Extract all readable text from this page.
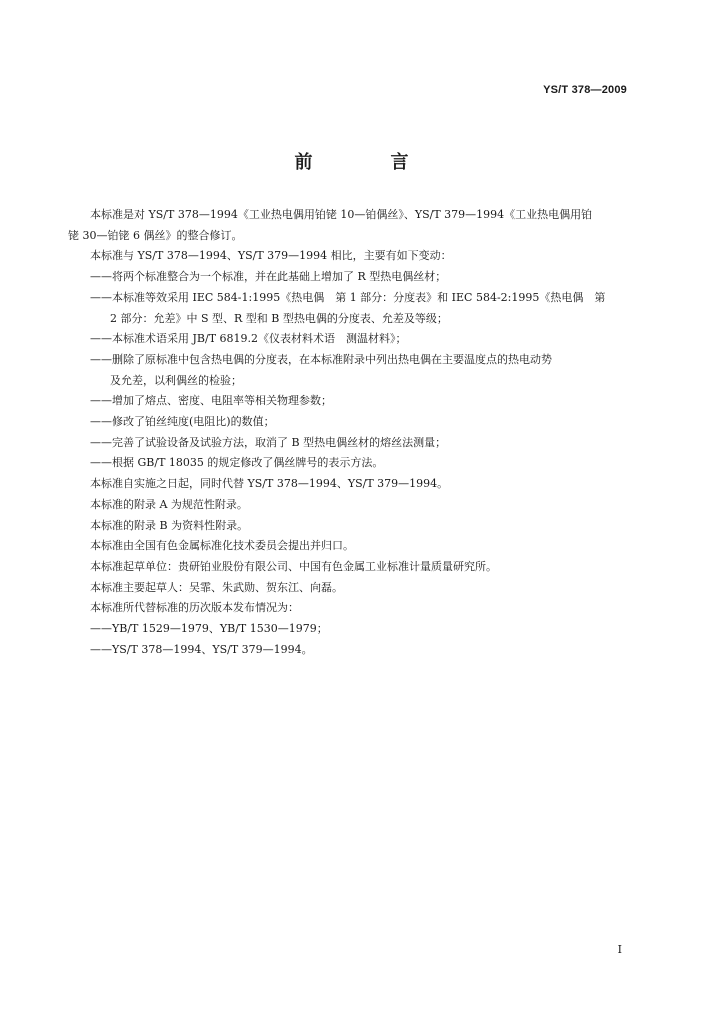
YS/T 378—2009
前　言

本标准是对 YS/T 378—1994《工业热电偶用铂铑 10—铂偶丝》、YS/T 379—1994《工业热电偶用铂

铑 30—铂铑 6 偶丝》的整合修订。

本标准与 YS/T 378—1994、YS/T 379—1994 相比，主要有如下变动：

——将两个标准整合为一个标准，并在此基础上增加了 R 型热电偶丝材；

——本标准等效采用 IEC 584-1:1995《热电偶　第 1 部分：分度表》和 IEC 584-2:1995《热电偶　第

2 部分：允差》中 S 型、R 型和 B 型热电偶的分度表、允差及等级；

——本标准术语采用 JB/T 6819.2《仪表材料术语　测温材料》；

——删除了原标准中包含热电偶的分度表，在本标准附录中列出热电偶在主要温度点的热电动势

及允差，以利偶丝的检验；

——增加了熔点、密度、电阻率等相关物理参数；

——修改了铂丝纯度(电阻比)的数值；

——完善了试验设备及试验方法，取消了 B 型热电偶丝材的熔丝法测量；

——根据 GB/T 18035 的规定修改了偶丝牌号的表示方法。

本标准自实施之日起，同时代替 YS/T 378—1994、YS/T 379—1994。

本标准的附录 A 为规范性附录。

本标准的附录 B 为资料性附录。

本标准由全国有色金属标准化技术委员会提出并归口。

本标准起草单位：贵研铂业股份有限公司、中国有色金属工业标准计量质量研究所。

本标准主要起草人：吴霏、朱武勋、贺东江、向磊。

本标准所代替标准的历次版本发布情况为：

——YB/T 1529—1979、YB/T 1530—1979；

——YS/T 378—1994、YS/T 379—1994。

I
